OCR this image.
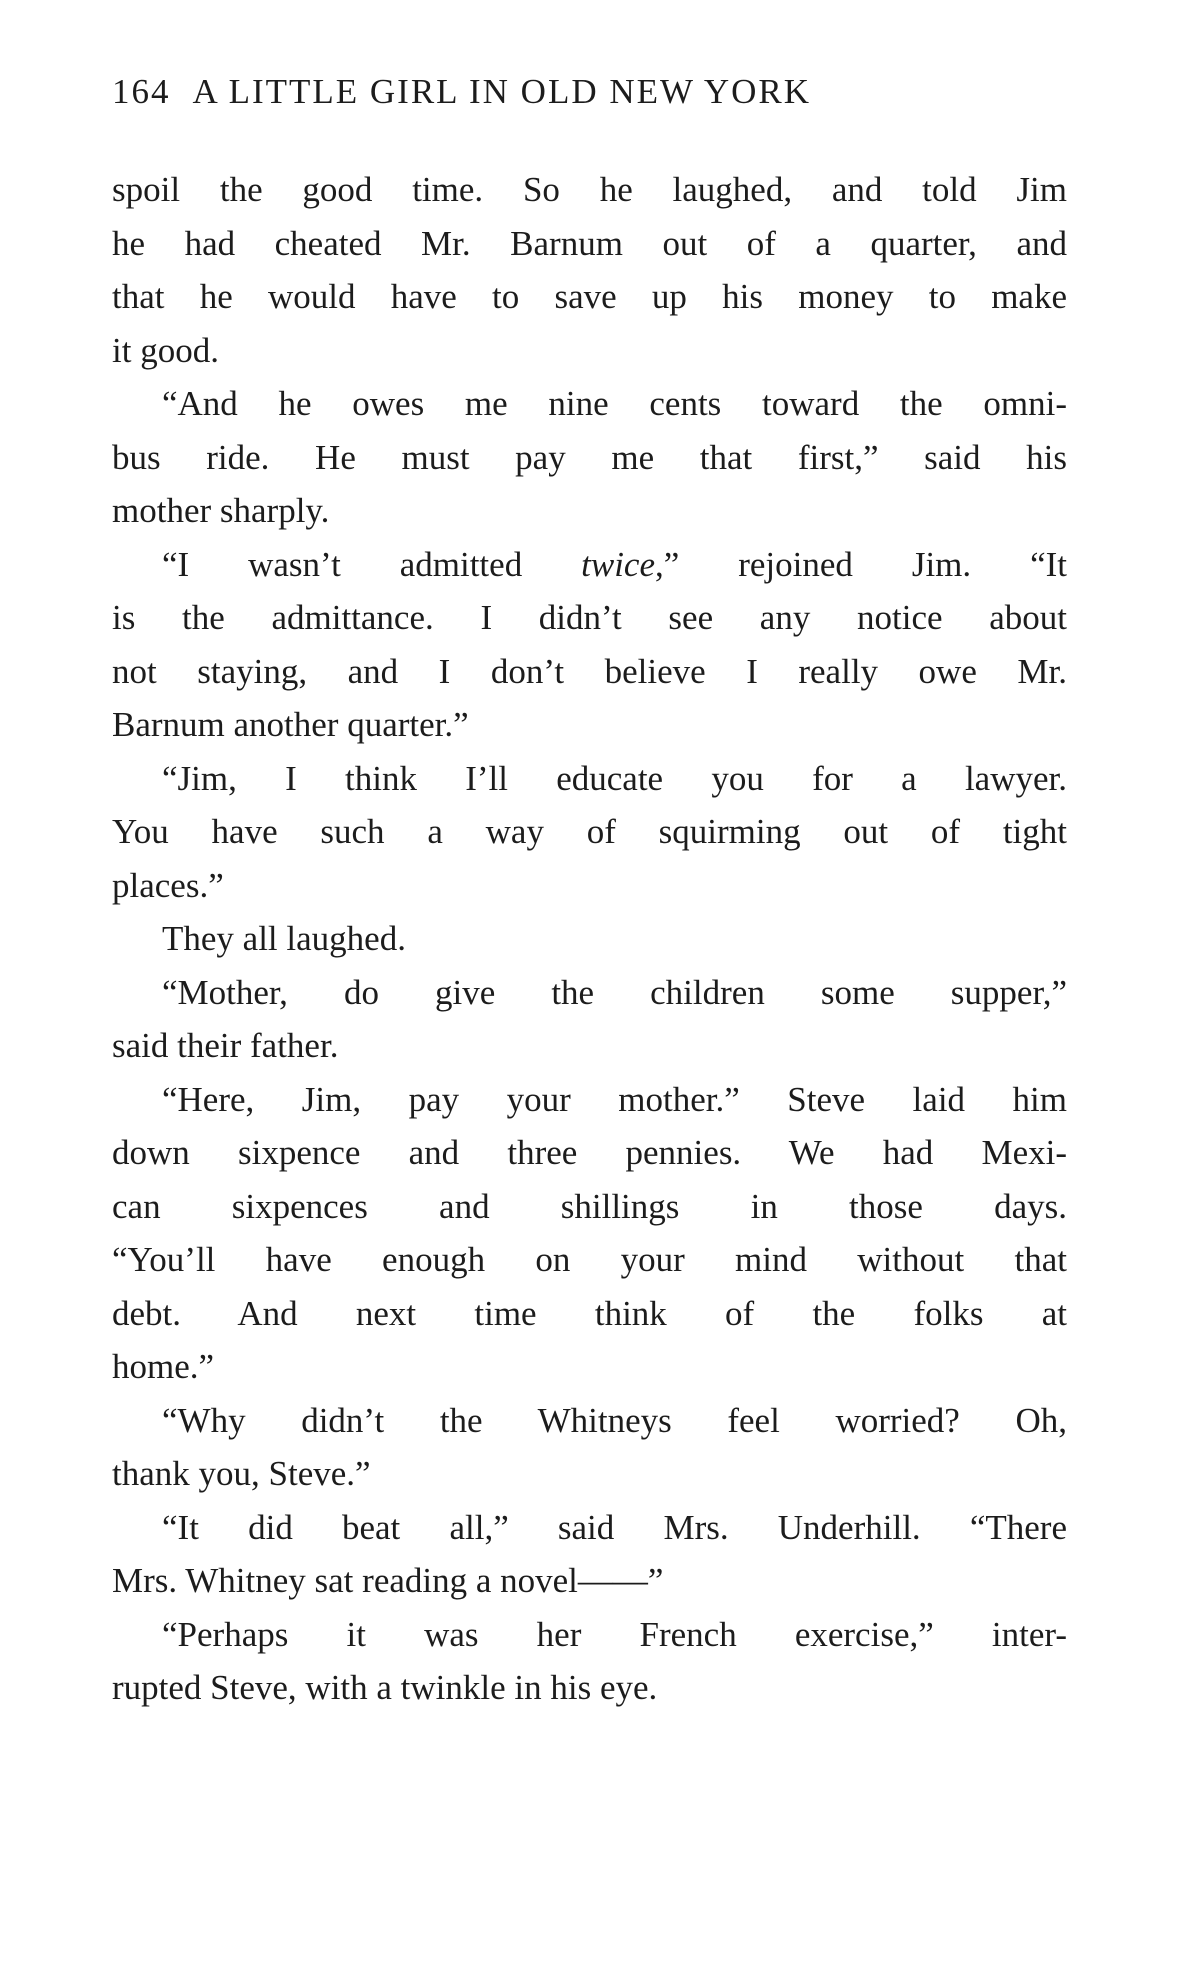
164 A LITTLE GIRL IN OLD NEW YORK
spoil the good time. So he laughed, and told Jim
he had cheated Mr. Barnum out of a quarter, and
that he would have to save up his money to make
it good.
“And he owes me nine cents toward the omni-
bus ride. He must pay me that first,” said his
mother sharply.
“I wasn’t admitted twice,” rejoined Jim. “It
is the admittance. I didn’t see any notice about
not staying, and I don’t believe I really owe Mr.
Barnum another quarter.”
“Jim, I think I’ll educate you for a lawyer.
You have such a way of squirming out of tight
places.”
They all laughed.
“Mother, do give the children some supper,”
said their father.
“Here, Jim, pay your mother.” Steve laid him
down sixpence and three pennies. We had Mexi-
can sixpences and shillings in those days.
“You’ll have enough on your mind without that
debt. And next time think of the folks at
home.”
“Why didn’t the Whitneys feel worried? Oh,
thank you, Steve.”
“It did beat all,” said Mrs. Underhill. “There
Mrs. Whitney sat reading a novel——”
“Perhaps it was her French exercise,” inter-
rupted Steve, with a twinkle in his eye.
